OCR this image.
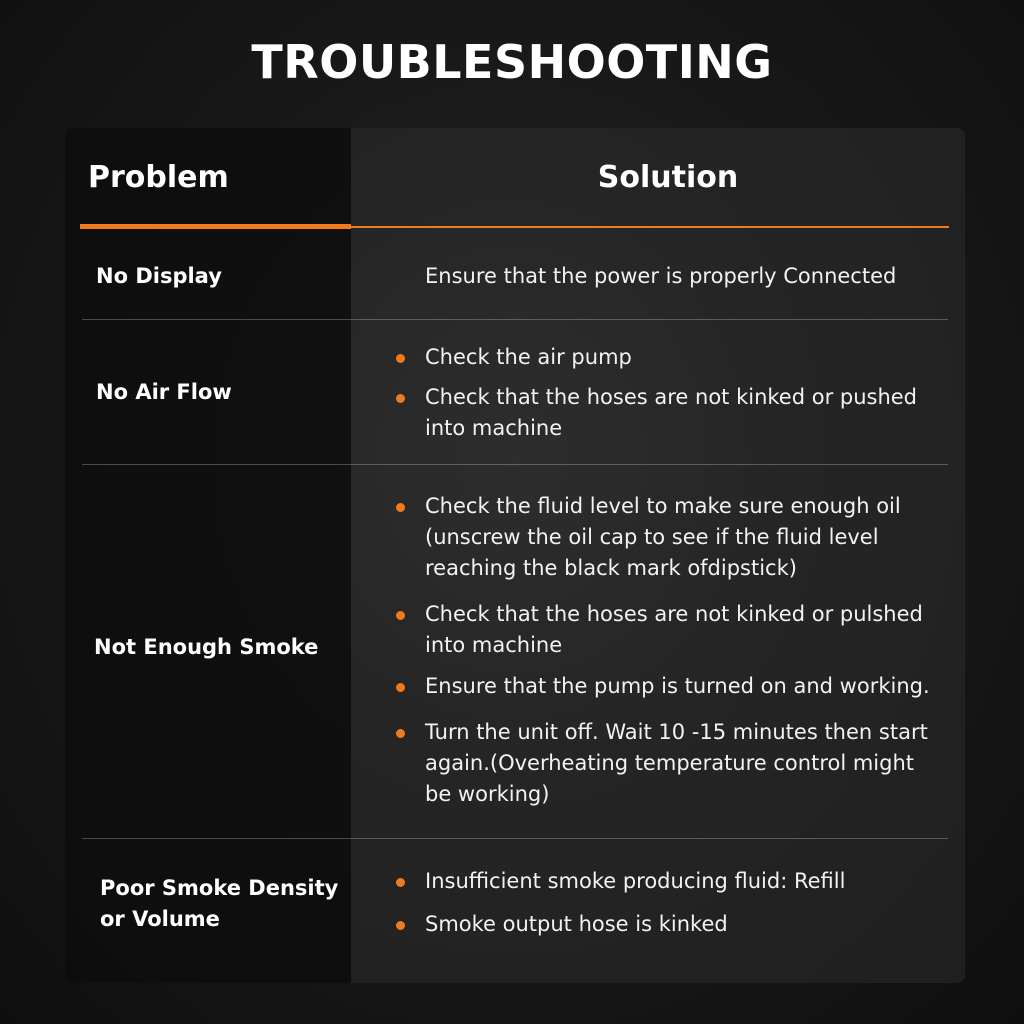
TROUBLESHOOTING
Problem	Solution
No Display	Ensure that the power is properly Connected
No Air Flow
Check the air pump
Check that the hoses are not kinked or pushed into machine
Not Enough Smoke
Check the fluid level to make sure enough oil (unscrew the oil cap to see if the fluid level reaching the black mark ofdipstick)
Check that the hoses are not kinked or pulshed into machine
Ensure that the pump is turned on and working.
Turn the unit off. Wait 10 -15 minutes then start again.(Overheating temperature control might be working)
Poor Smoke Density or Volume
Insufficient smoke producing fluid: Refill
Smoke output hose is kinked
